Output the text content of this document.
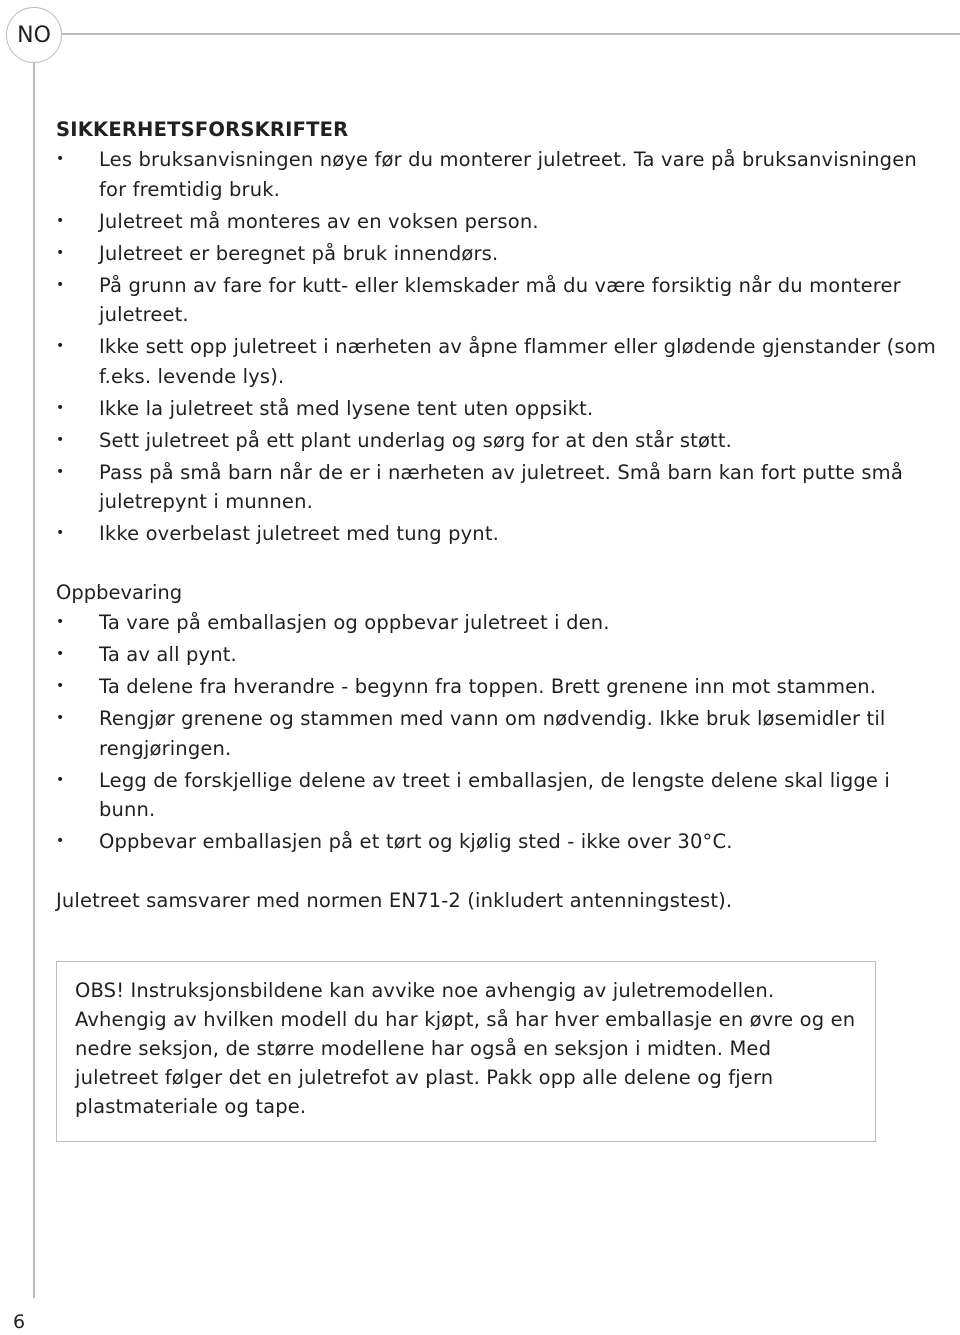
NO
SIKKERHETSFORSKRIFTER
• Les bruksanvisningen nøye før du monterer juletreet. Ta vare på bruksanvisningen for fremtidig bruk.
• Juletreet må monteres av en voksen person.
• Juletreet er beregnet på bruk innendørs.
• På grunn av fare for kutt- eller klemskader må du være forsiktig når du monterer juletreet.
• Ikke sett opp juletreet i nærheten av åpne flammer eller glødende gjenstander (som f.eks. levende lys).
• Ikke la juletreet stå med lysene tent uten oppsikt.
• Sett juletreet på ett plant underlag og sørg for at den står støtt.
• Pass på små barn når de er i nærheten av juletreet. Små barn kan fort putte små juletrepynt i munnen.
• Ikke overbelast juletreet med tung pynt.
Oppbevaring
• Ta vare på emballasjen og oppbevar juletreet i den.
• Ta av all pynt.
• Ta delene fra hverandre - begynn fra toppen. Brett grenene inn mot stammen.
• Rengjør grenene og stammen med vann om nødvendig. Ikke bruk løsemidler til rengjøringen.
• Legg de forskjellige delene av treet i emballasjen, de lengste delene skal ligge i bunn.
• Oppbevar emballasjen på et tørt og kjølig sted - ikke over 30°C.

Juletreet samsvarer med normen EN71-2 (inkludert antenningstest).

OBS! Instruksjonsbildene kan avvike noe avhengig av juletremodellen. Avhengig av hvilken modell du har kjøpt, så har hver emballasje en øvre og en nedre seksjon, de større modellene har også en seksjon i midten. Med juletreet følger det en juletrefot av plast. Pakk opp alle delene og fjern plastmateriale og tape.

6
